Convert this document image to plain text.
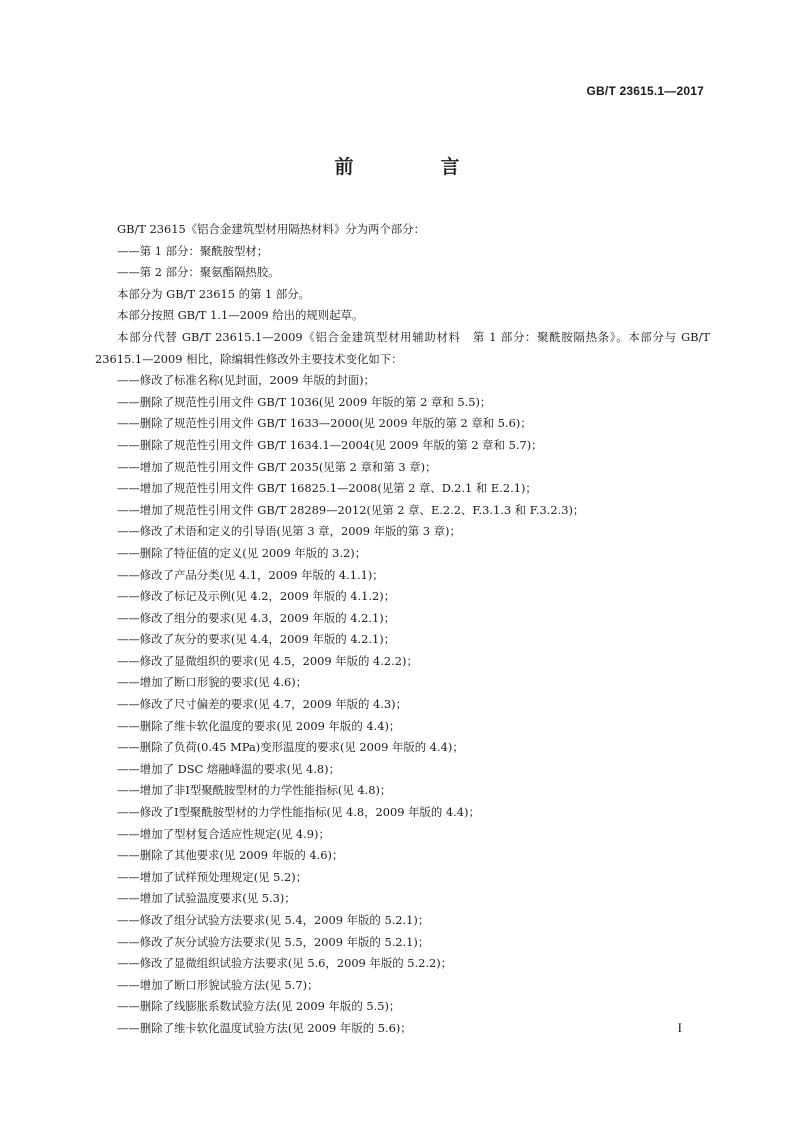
GB/T 23615.1—2017
前　言

GB/T 23615《铝合金建筑型材用隔热材料》分为两个部分：

——第 1 部分：聚酰胺型材；

——第 2 部分：聚氨酯隔热胶。

本部分为 GB/T 23615 的第 1 部分。

本部分按照 GB/T 1.1—2009 给出的规则起草。

本部分代替 GB/T 23615.1—2009《铝合金建筑型材用辅助材料　第 1 部分：聚酰胺隔热条》。本部分与 GB/T 23615.1—2009 相比，除编辑性修改外主要技术变化如下：

——修改了标准名称(见封面，2009 年版的封面)；

——删除了规范性引用文件 GB/T 1036(见 2009 年版的第 2 章和 5.5)；

——删除了规范性引用文件 GB/T 1633—2000(见 2009 年版的第 2 章和 5.6)；

——删除了规范性引用文件 GB/T 1634.1—2004(见 2009 年版的第 2 章和 5.7)；

——增加了规范性引用文件 GB/T 2035(见第 2 章和第 3 章)；

——增加了规范性引用文件 GB/T 16825.1—2008(见第 2 章、D.2.1 和 E.2.1)；

——增加了规范性引用文件 GB/T 28289—2012(见第 2 章、E.2.2、F.3.1.3 和 F.3.2.3)；

——修改了术语和定义的引导语(见第 3 章，2009 年版的第 3 章)；

——删除了特征值的定义(见 2009 年版的 3.2)；

——修改了产品分类(见 4.1，2009 年版的 4.1.1)；

——修改了标记及示例(见 4.2，2009 年版的 4.1.2)；

——修改了组分的要求(见 4.3，2009 年版的 4.2.1)；

——修改了灰分的要求(见 4.4，2009 年版的 4.2.1)；

——修改了显微组织的要求(见 4.5，2009 年版的 4.2.2)；

——增加了断口形貌的要求(见 4.6)；

——修改了尺寸偏差的要求(见 4.7，2009 年版的 4.3)；

——删除了维卡软化温度的要求(见 2009 年版的 4.4)；

——删除了负荷(0.45 MPa)变形温度的要求(见 2009 年版的 4.4)；

——增加了 DSC 熔融峰温的要求(见 4.8)；

——增加了非Ⅰ型聚酰胺型材的力学性能指标(见 4.8)；

——修改了Ⅰ型聚酰胺型材的力学性能指标(见 4.8，2009 年版的 4.4)；

——增加了型材复合适应性规定(见 4.9)；

——删除了其他要求(见 2009 年版的 4.6)；

——增加了试样预处理规定(见 5.2)；

——增加了试验温度要求(见 5.3)；

——修改了组分试验方法要求(见 5.4，2009 年版的 5.2.1)；

——修改了灰分试验方法要求(见 5.5，2009 年版的 5.2.1)；

——修改了显微组织试验方法要求(见 5.6，2009 年版的 5.2.2)；

——增加了断口形貌试验方法(见 5.7)；

——删除了线膨胀系数试验方法(见 2009 年版的 5.5)；

——删除了维卡软化温度试验方法(见 2009 年版的 5.6)；	I
